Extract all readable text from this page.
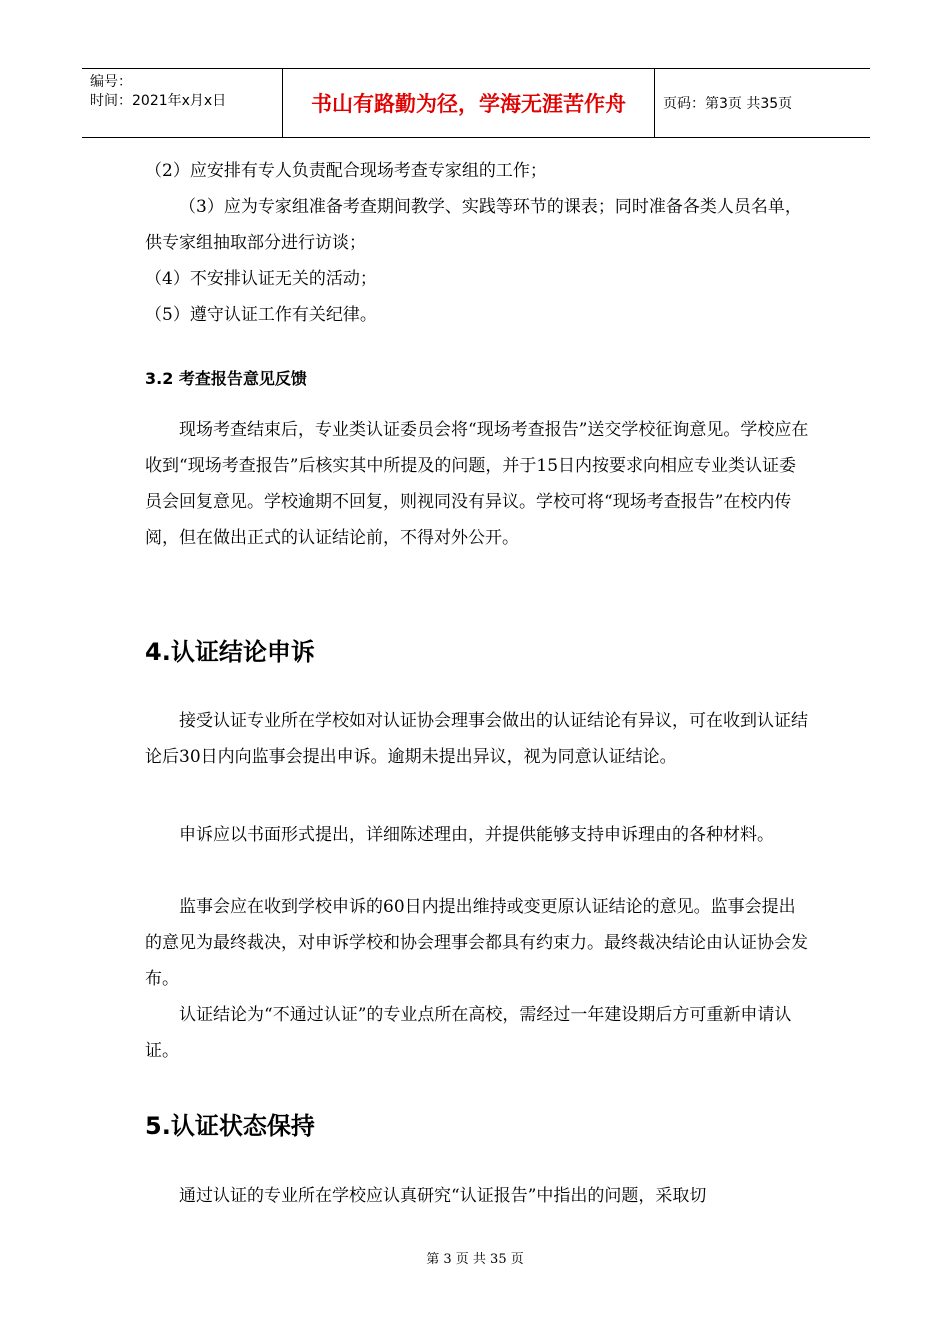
编号：
时间：2021年x月x日	书山有路勤为径，学海无涯苦作舟	页码：第3页 共35页
（2）应安排有专人负责配合现场考查专家组的工作；
（3）应为专家组准备考查期间教学、实践等环节的课表；同时准备各类人员名单，供专家组抽取部分进行访谈；
（4）不安排认证无关的活动；
（5）遵守认证工作有关纪律。
3.2 考查报告意见反馈
现场考查结束后，专业类认证委员会将“现场考查报告”送交学校征询意见。学校应在收到“现场考查报告”后核实其中所提及的问题，并于15日内按要求向相应专业类认证委员会回复意见。学校逾期不回复，则视同没有异议。学校可将“现场考查报告”在校内传阅，但在做出正式的认证结论前，不得对外公开。
4.认证结论申诉
接受认证专业所在学校如对认证协会理事会做出的认证结论有异议，可在收到认证结论后30日内向监事会提出申诉。逾期未提出异议，视为同意认证结论。
申诉应以书面形式提出，详细陈述理由，并提供能够支持申诉理由的各种材料。
监事会应在收到学校申诉的60日内提出维持或变更原认证结论的意见。监事会提出的意见为最终裁决，对申诉学校和协会理事会都具有约束力。最终裁决结论由认证协会发布。
认证结论为“不通过认证”的专业点所在高校，需经过一年建设期后方可重新申请认证。
5.认证状态保持
通过认证的专业所在学校应认真研究“认证报告”中指出的问题，采取切
第 3 页 共 35 页
